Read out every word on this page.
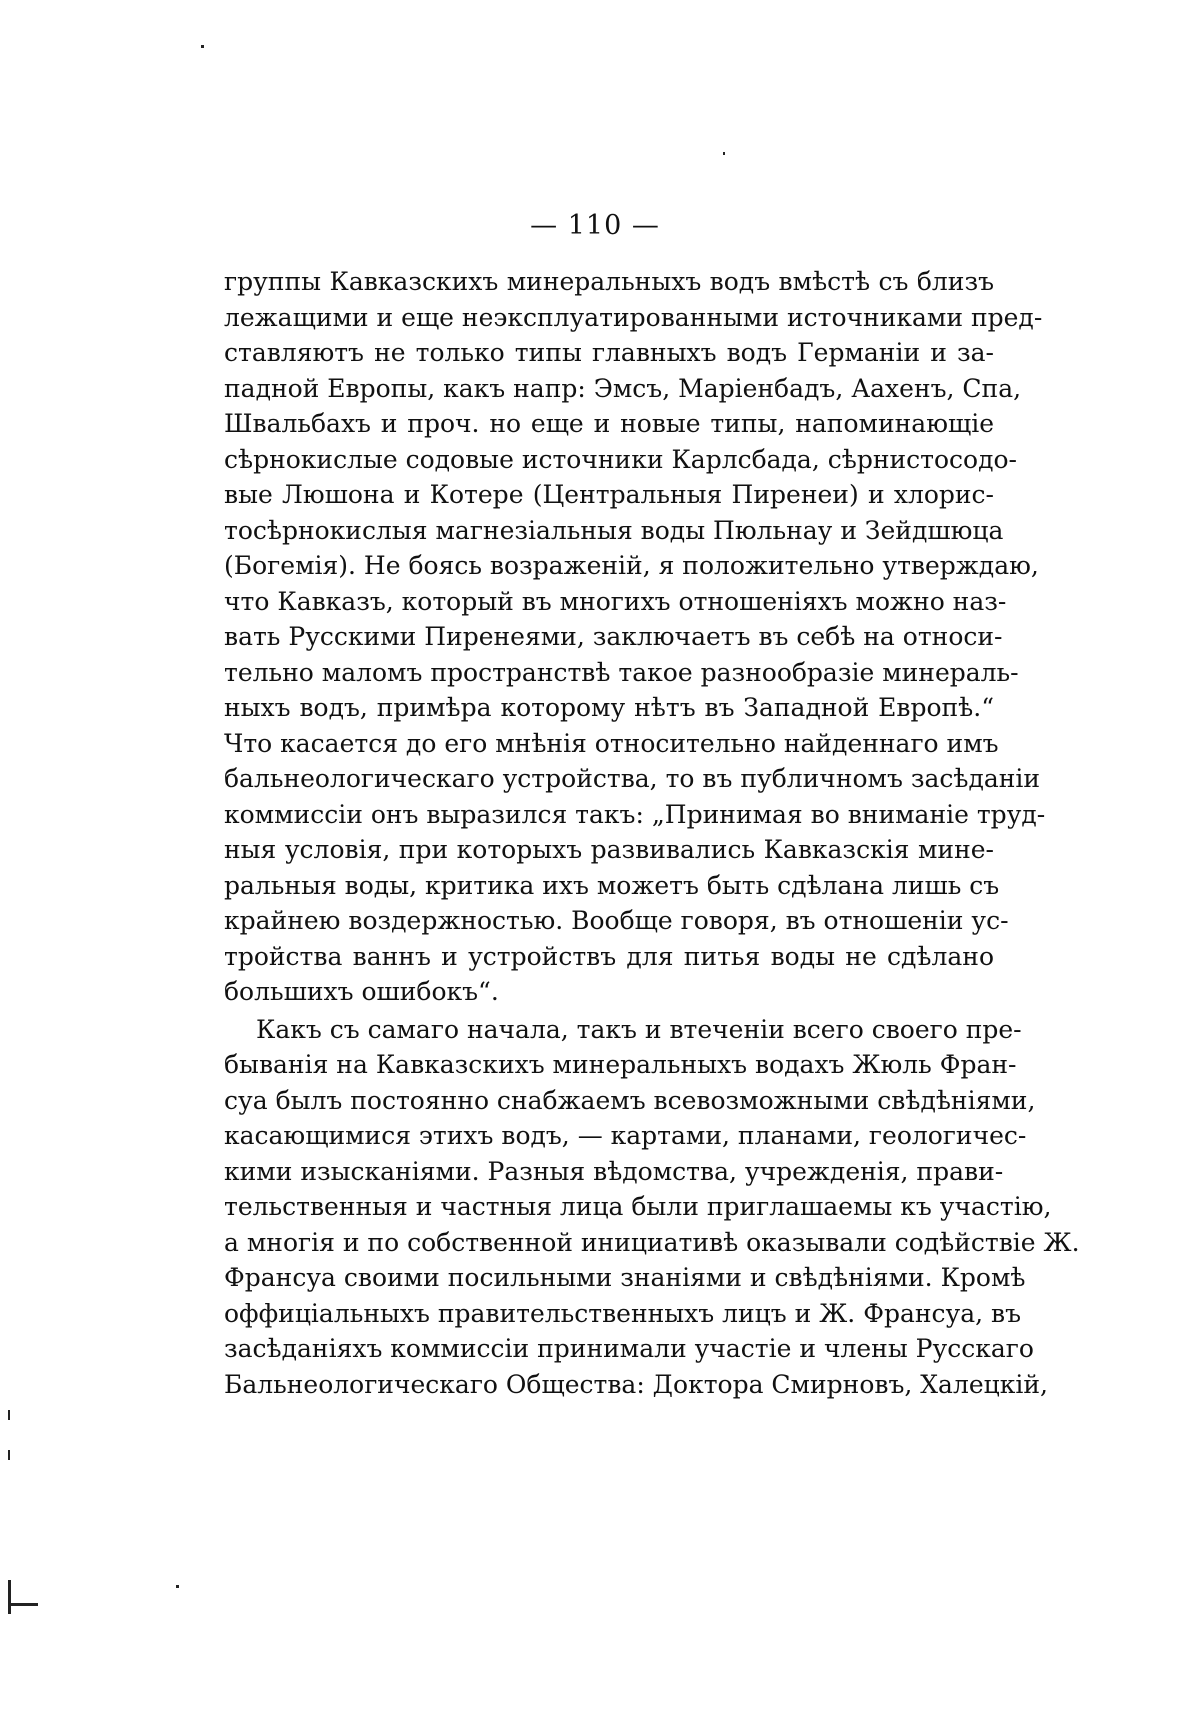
— 110 —
группы Кавказскихъ минеральныхъ водъ вмѣстѣ съ близъ
лежащими и еще неэксплуатированными источниками пред-
ставляютъ не только типы главныхъ водъ Германіи и за-
падной Европы, какъ напр: Эмсъ, Маріенбадъ, Аахенъ, Спа,
Швальбахъ и проч. но еще и новые типы, напоминающіе
сѣрнокислые содовые источники Карлсбада, сѣрнистосодо-
вые Люшона и Котере (Центральныя Пиренеи) и хлорис-
тосѣрнокислыя магнезіальныя воды Пюльнау и Зейдшюца
(Богемія). Не боясь возраженій, я положительно утверждаю,
что Кавказъ, который въ многихъ отношеніяхъ можно наз-
вать Русскими Пиренеями, заключаетъ въ себѣ на относи-
тельно маломъ пространствѣ такое разнообразіе минераль-
ныхъ водъ, примѣра которому нѣтъ въ Западной Европѣ.“
Что касается до его мнѣнія относительно найденнаго имъ
бальнеологическаго устройства, то въ публичномъ засѣданіи
коммиссіи онъ выразился такъ: „Принимая во вниманіе труд-
ныя условія, при которыхъ развивались Кавказскія мине-
ральныя воды, критика ихъ можетъ быть сдѣлана лишь съ
крайнею воздержностью. Вообще говоря, въ отношеніи ус-
тройства ваннъ и устройствъ для питья воды не сдѣлано
большихъ ошибокъ“.
Какъ съ самаго начала, такъ и втеченіи всего своего пре-
быванія на Кавказскихъ минеральныхъ водахъ Жюль Фран-
суа былъ постоянно снабжаемъ всевозможными свѣдѣніями,
касающимися этихъ водъ, — картами, планами, геологичес-
кими изысканіями. Разныя вѣдомства, учрежденія, прави-
тельственныя и частныя лица были приглашаемы къ участію,
а многія и по собственной инициативѣ оказывали содѣйствіе Ж.
Франсуа своими посильными знаніями и свѣдѣніями. Кромѣ
оффиціальныхъ правительственныхъ лицъ и Ж. Франсуа, въ
засѣданіяхъ коммиссіи принимали участіе и члены Русскаго
Бальнеологическаго Общества: Доктора Смирновъ, Халецкій,
